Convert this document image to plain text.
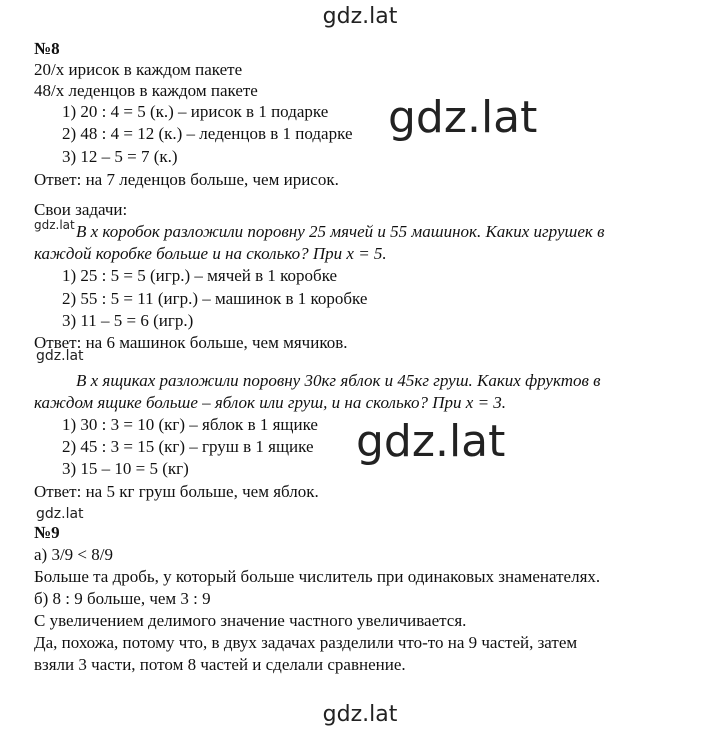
gdz.lat
gdz.lat
gdz.lat
gdz.lat
gdz.lat
gdz.lat
gdz.lat
№8
20/x ирисок в каждом пакете
48/x леденцов в каждом пакете
1) 20 : 4 = 5 (к.) – ирисок в 1 подарке
2) 48 : 4 = 12 (к.) – леденцов в 1 подарке
3) 12 – 5 = 7 (к.)
Ответ: на 7 леденцов больше, чем ирисок.
Свои задачи:
В x коробок разложили поровну 25 мячей и 55 машинок. Каких игрушек в
каждой коробке больше и на сколько? При x = 5.
1) 25 : 5 = 5 (игр.) – мячей в 1 коробке
2) 55 : 5 = 11 (игр.) – машинок в 1 коробке
3) 11 – 5 = 6 (игр.)
Ответ: на 6 машинок больше, чем мячиков.
В x ящиках разложили поровну 30кг яблок и 45кг груш. Каких фруктов в
каждом ящике больше – яблок или груш, и на сколько? При x = 3.
1) 30 : 3 = 10 (кг) – яблок в 1 ящике
2) 45 : 3 = 15 (кг) – груш в 1 ящике
3) 15 – 10 = 5 (кг)
Ответ: на 5 кг груш больше, чем яблок.
№9
а) 3/9 < 8/9
Больше та дробь, у который больше числитель при одинаковых знаменателях.
б) 8 : 9 больше, чем 3 : 9
С увеличением делимого значение частного увеличивается.
Да, похожа, потому что, в двух задачах разделили что-то на 9 частей, затем
взяли 3 части, потом 8 частей и сделали сравнение.
